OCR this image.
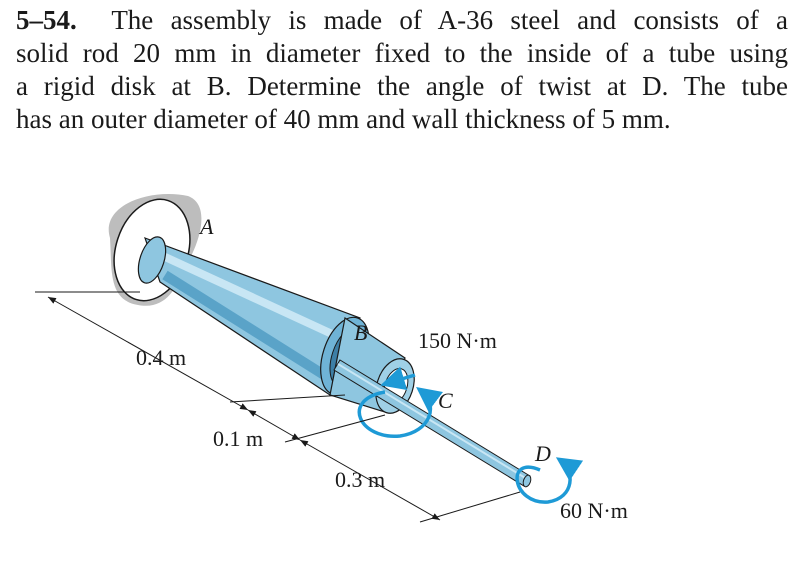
5–54. The assembly is made of A-36 steel and consists of a
solid rod 20 mm in diameter fixed to the inside of a tube using
a rigid disk at B. Determine the angle of twist at D. The tube
has an outer diameter of 40 mm and wall thickness of 5 mm.
A
B
C
D
150 N·m
60 N·m
0.4 m
0.1 m
0.3 m
